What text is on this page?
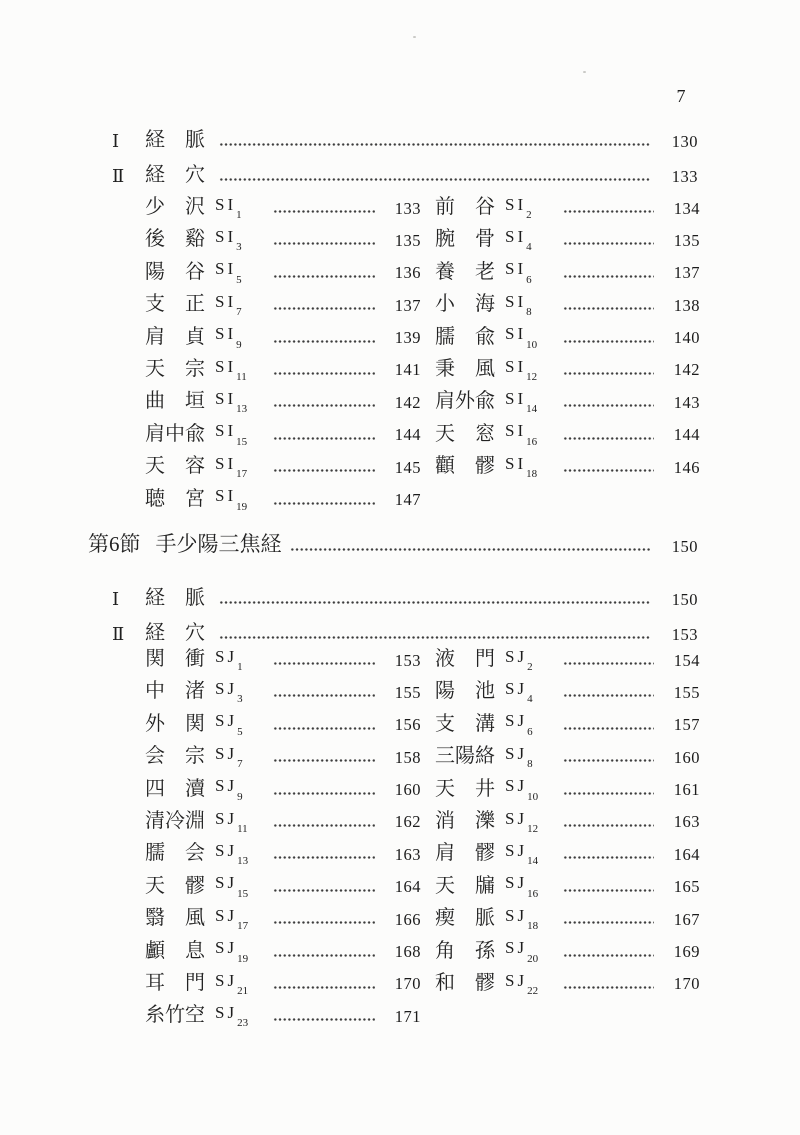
7
Ⅰ	経　脈	130
Ⅱ	経　穴	133
少　沢 $SI_1$	133 前　谷 $SI_2$	134
後　谿 $SI_3$	135 腕　骨 $SI_4$	135
陽　谷 $SI_5$	136 養　老 $SI_6$	137
支　正 $SI_7$	137 小　海 $SI_8$	138
肩　貞 $SI_9$	139 臑　兪 $SI_{10}$	140
天　宗 $SI_{11}$	141 秉　風 $SI_{12}$	142
曲　垣 $SI_{13}$	142 肩外兪 $SI_{14}$	143
肩中兪 $SI_{15}$	144 天　窓 $SI_{16}$	144
天　容 $SI_{17}$	145 顴　髎 $SI_{18}$	146
聴　宮 $SI_{19}$	147
第6節 手少陽三焦経	150
Ⅰ	経　脈	150
Ⅱ	経　穴	153
関　衝 $SJ_1$	153 液　門 $SJ_2$	154
中　渚 $SJ_3$	155 陽　池 $SJ_4$	155
外　関 $SJ_5$	156 支　溝 $SJ_6$	157
会　宗 $SJ_7$	158 三陽絡 $SJ_8$	160
四　瀆 $SJ_9$	160 天　井 $SJ_{10}$	161
清冷淵 $SJ_{11}$	162 消　濼 $SJ_{12}$	163
臑　会 $SJ_{13}$	163 肩　髎 $SJ_{14}$	164
天　髎 $SJ_{15}$	164 天　牖 $SJ_{16}$	165
翳　風 $SJ_{17}$	166 瘈　脈 $SJ_{18}$	167
顱　息 $SJ_{19}$	168 角　孫 $SJ_{20}$	169
耳　門 $SJ_{21}$	170 和　髎 $SJ_{22}$	170
糸竹空 $SJ_{23}$	171
